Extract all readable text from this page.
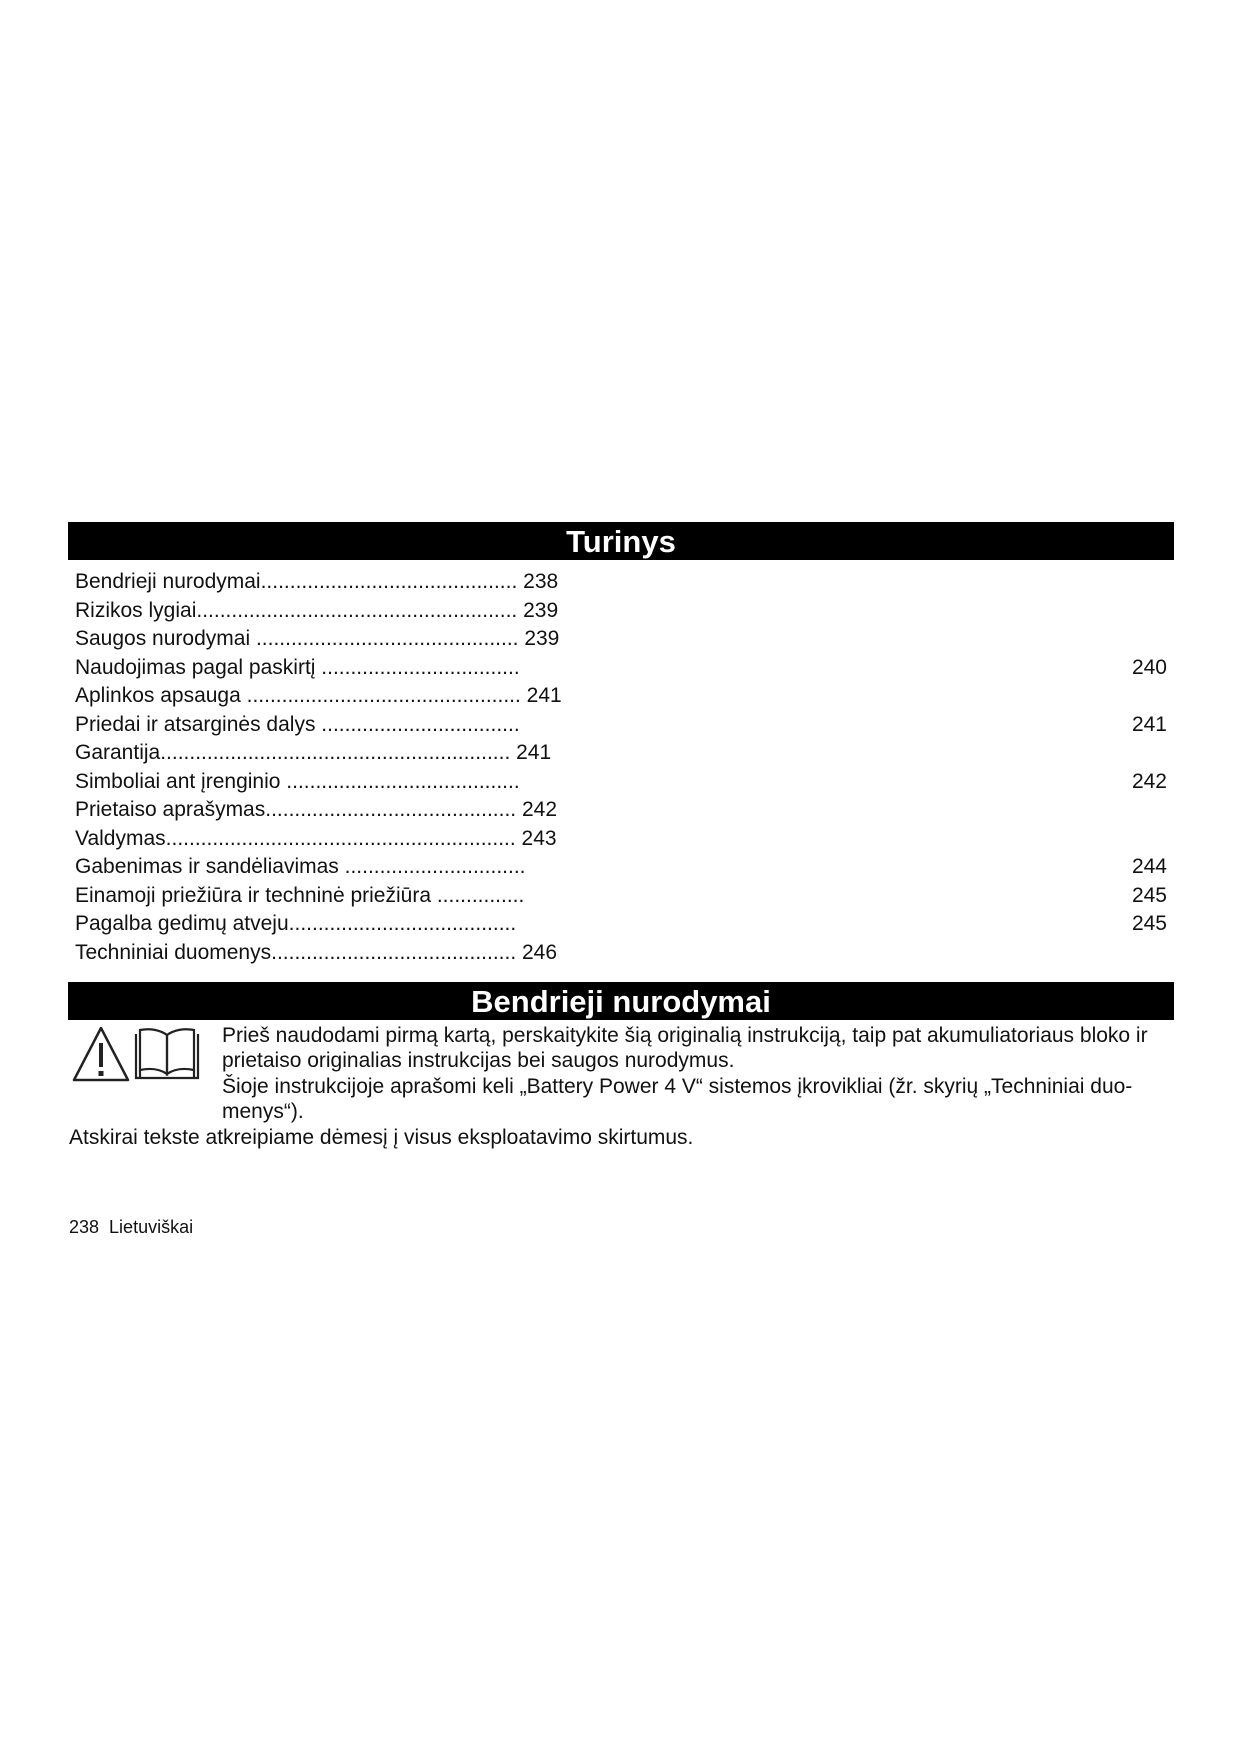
Turinys
Bendrieji nurodymai............................................ 238
Rizikos lygiai....................................................... 239
Saugos nurodymai ............................................. 239
Naudojimas pagal paskirtį ..................................	240
Aplinkos apsauga ............................................... 241
Priedai ir atsarginės dalys ..................................	241
Garantija............................................................ 241
Simboliai ant įrenginio ........................................	242
Prietaiso aprašymas........................................... 242
Valdymas............................................................ 243
Gabenimas ir sandėliavimas ...............................	244
Einamoji priežiūra ir techninė priežiūra ...............	245
Pagalba gedimų atveju.......................................	245
Techniniai duomenys.......................................... 246
Bendrieji nurodymai
Prieš naudodami pirmą kartą, perskaitykite šią originalią instrukciją, taip pat akumuliatoriaus bloko ir prietaiso originalias instrukcijas bei saugos nurodymus.
Šioje instrukcijoje aprašomi keli „Battery Power 4 V“ sistemos įkrovikliai (žr. skyrių „Techniniai duo- menys“).
Atskirai tekste atkreipiame dėmesį į visus eksploatavimo skirtumus.
238 Lietuviškai
